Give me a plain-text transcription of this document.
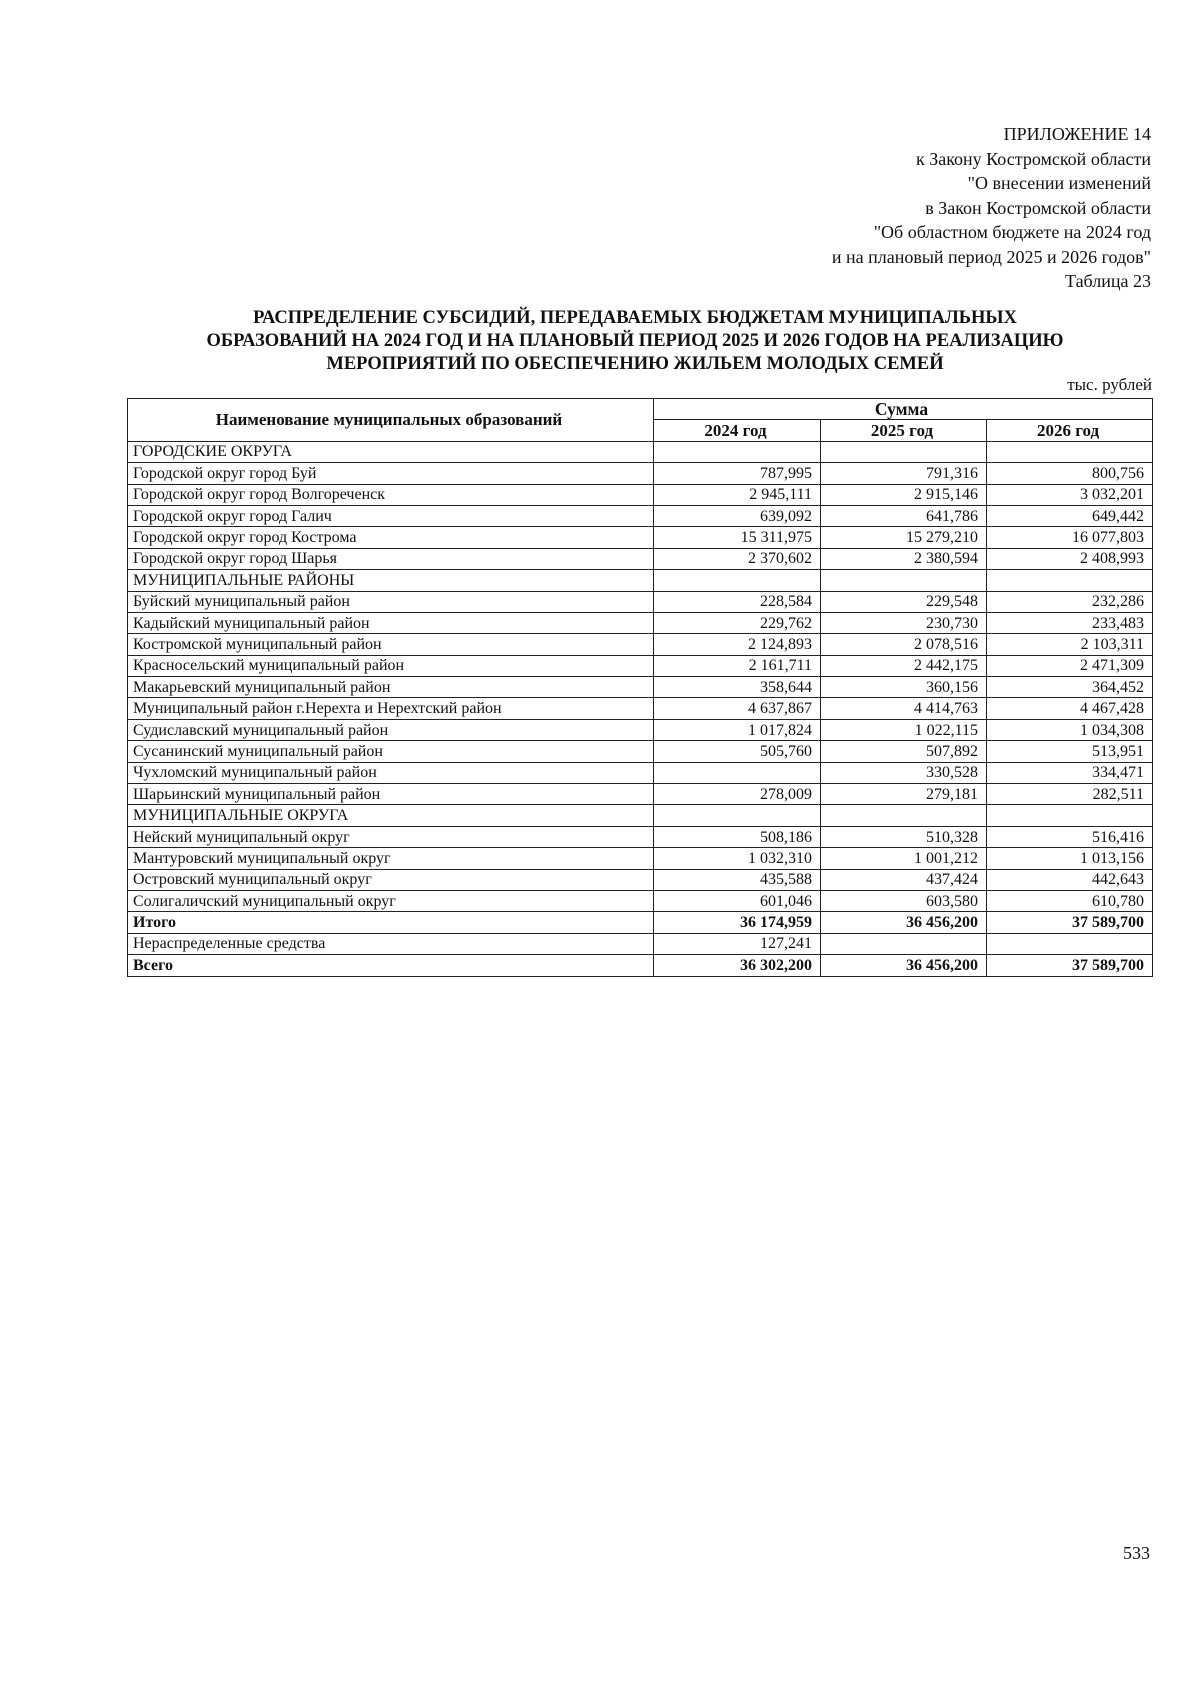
ПРИЛОЖЕНИЕ 14
к Закону Костромской области
"О внесении изменений
в Закон Костромской области
"Об областном бюджете на 2024 год
и на плановый период 2025 и 2026 годов"
Таблица 23
РАСПРЕДЕЛЕНИЕ СУБСИДИЙ, ПЕРЕДАВАЕМЫХ БЮДЖЕТАМ МУНИЦИПАЛЬНЫХ
ОБРАЗОВАНИЙ НА 2024 ГОД И НА ПЛАНОВЫЙ ПЕРИОД 2025 И 2026 ГОДОВ НА РЕАЛИЗАЦИЮ
МЕРОПРИЯТИЙ ПО ОБЕСПЕЧЕНИЮ ЖИЛЬЕМ МОЛОДЫХ СЕМЕЙ
тыс. рублей
Наименование муниципальных образований	Сумма		
	2024 год	2025 год	2026 год
ГОРОДСКИЕ ОКРУГА			
Городской округ город Буй	787,995	791,316	800,756
Городской округ город Волгореченск	2 945,111	2 915,146	3 032,201
Городской округ город Галич	639,092	641,786	649,442
Городской округ город Кострома	15 311,975	15 279,210	16 077,803
Городской округ город Шарья	2 370,602	2 380,594	2 408,993
МУНИЦИПАЛЬНЫЕ РАЙОНЫ			
Буйский муниципальный район	228,584	229,548	232,286
Кадыйский муниципальный район	229,762	230,730	233,483
Костромской муниципальный район	2 124,893	2 078,516	2 103,311
Красносельский муниципальный район	2 161,711	2 442,175	2 471,309
Макарьевский муниципальный район	358,644	360,156	364,452
Муниципальный район г.Нерехта и Нерехтский район	4 637,867	4 414,763	4 467,428
Судиславский муниципальный район	1 017,824	1 022,115	1 034,308
Сусанинский муниципальный район	505,760	507,892	513,951
Чухломский муниципальный район		330,528	334,471
Шарьинский муниципальный район	278,009	279,181	282,511
МУНИЦИПАЛЬНЫЕ ОКРУГА			
Нейский муниципальный округ	508,186	510,328	516,416
Мантуровский муниципальный округ	1 032,310	1 001,212	1 013,156
Островский муниципальный округ	435,588	437,424	442,643
Солигаличский муниципальный округ	601,046	603,580	610,780
Итого	36 174,959	36 456,200	37 589,700
Нераспределенные средства	127,241		
Всего	36 302,200	36 456,200	37 589,700
533
